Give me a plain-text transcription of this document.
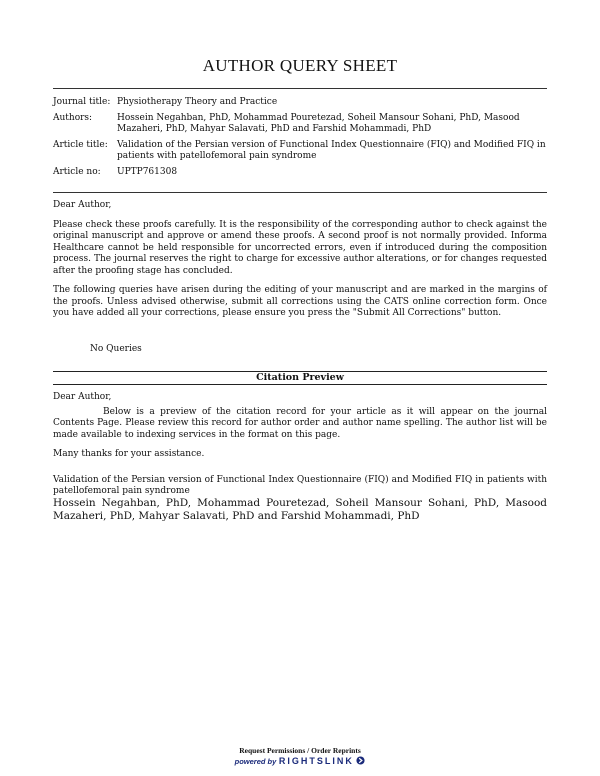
AUTHOR QUERY SHEET
Journal title: Physiotherapy Theory and Practice
Authors:	Hossein Negahban, PhD, Mohammad Pouretezad, Soheil Mansour Sohani, PhD, Masood Mazaheri, PhD, Mahyar Salavati, PhD and Farshid Mohammadi, PhD
Article title:	Validation of the Persian version of Functional Index Questionnaire (FIQ) and Modified FIQ in patients with patellofemoral pain syndrome
Article no:	UPTP761308

Dear Author,

Please check these proofs carefully. It is the responsibility of the corresponding author to check against the original manuscript and approve or amend these proofs. A second proof is not normally provided. Informa Healthcare cannot be held responsible for uncorrected errors, even if introduced during the composition process. The journal reserves the right to charge for excessive author alterations, or for changes requested after the proofing stage has concluded.

The following queries have arisen during the editing of your manuscript and are marked in the margins of the proofs. Unless advised otherwise, submit all corrections using the CATS online correction form. Once you have added all your corrections, please ensure you press the "Submit All Corrections" button.

No Queries
Citation Preview

Dear Author,

Below is a preview of the citation record for your article as it will appear on the journal Contents Page. Please review this record for author order and author name spelling. The author list will be made available to indexing services in the format on this page.

Many thanks for your assistance.

Validation of the Persian version of Functional Index Questionnaire (FIQ) and Modified FIQ in patients with patellofemoral pain syndrome

Hossein Negahban, PhD, Mohammad Pouretezad, Soheil Mansour Sohani, PhD, Masood Mazaheri, PhD, Mahyar Salavati, PhD and Farshid Mohammadi, PhD

Request Permissions / Order Reprints
powered by RIGHTSLINK
